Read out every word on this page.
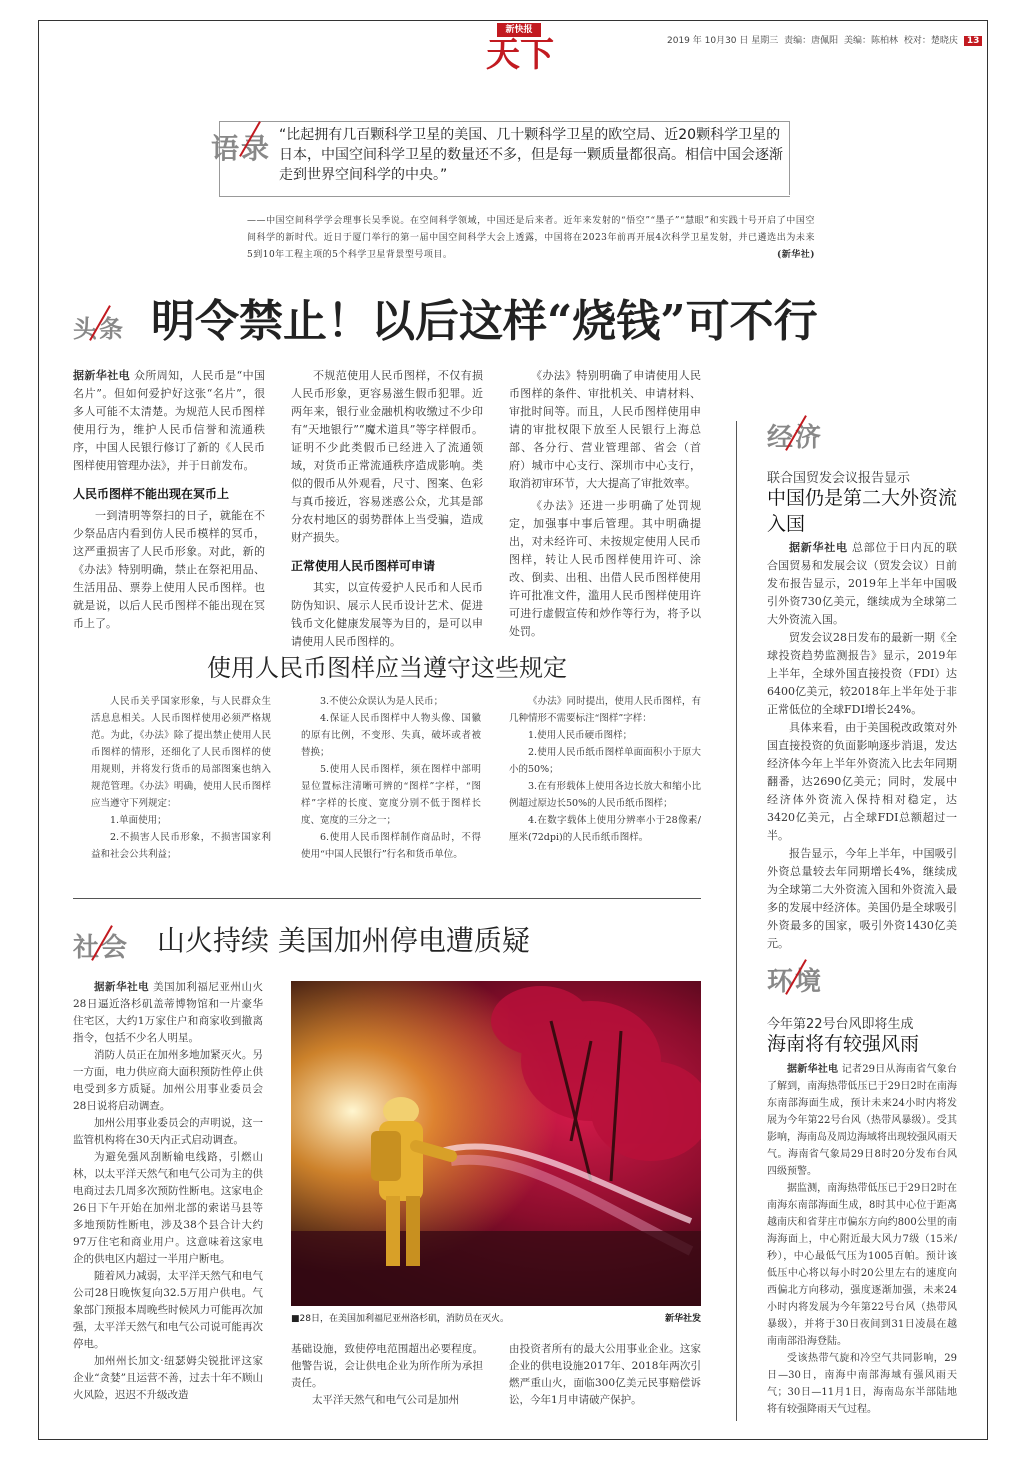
新快报
天下	2019 年 10月30 日 星期三 责编：唐佩阳 美编：陈柏林 校对：楚晓庆 13
语录 “比起拥有几百颗科学卫星的美国、几十颗科学卫星的欧空局、近20颗科学卫星的日本，中国空间科学卫星的数量还不多，但是每一颗质量都很高。相信中国会逐渐走到世界空间科学的中央。”
——中国空间科学学会理事长吴季说。在空间科学领域，中国还是后来者。近年来发射的“悟空”“墨子”“慧眼”和实践十号开启了中国空间科学的新时代。近日于厦门举行的第一届中国空间科学大会上透露，中国将在2023年前再开展4次科学卫星发射，并已遴选出为未来5到10年工程主项的5个科学卫星背景型号项目。	(新华社)
头条 明令禁止！以后这样“烧钱”可不行

据新华社电 众所周知，人民币是“中国名片”。但如何爱护好这张“名片”，很多人可能不太清楚。为规范人民币图样使用行为，维护人民币信誉和流通秩序，中国人民银行修订了新的《人民币图样使用管理办法》，并于日前发布。

人民币图样不能出现在冥币上

一到清明等祭扫的日子，就能在不少祭品店内看到仿人民币模样的冥币，这严重损害了人民币形象。对此，新的《办法》特别明确，禁止在祭祀用品、生活用品、票券上使用人民币图样。也就是说，以后人民币图样不能出现在冥币上了。

不规范使用人民币图样，不仅有损人民币形象，更容易滋生假币犯罪。近两年来，银行业金融机构收缴过不少印有“天地银行”“魔术道具”等字样假币。证明不少此类假币已经进入了流通领域，对货币正常流通秩序造成影响。类似的假币从外观看，尺寸、图案、色彩与真币接近，容易迷惑公众，尤其是部分农村地区的弱势群体上当受骗，造成财产损失。

正常使用人民币图样可申请

其实，以宣传爱护人民币和人民币防伪知识、展示人民币设计艺术、促进钱币文化健康发展等为目的，是可以申请使用人民币图样的。

《办法》特别明确了申请使用人民币图样的条件、审批机关、申请材料、审批时间等。而且，人民币图样使用申请的审批权限下放至人民银行上海总部、各分行、营业管理部、省会（首府）城市中心支行、深圳市中心支行，取消初审环节，大大提高了审批效率。

《办法》还进一步明确了处罚规定，加强事中事后管理。其中明确提出，对未经许可、未按规定使用人民币图样，转让人民币图样使用许可、涂改、倒卖、出租、出借人民币图样使用许可批准文件，滥用人民币图样使用许可进行虚假宣传和炒作等行为，将予以处罚。

使用人民币图样应当遵守这些规定

人民币关乎国家形象，与人民群众生活息息相关。人民币图样使用必须严格规范。为此，《办法》除了提出禁止使用人民币图样的情形，还细化了人民币图样的使用规则，并将发行货币的局部图案也纳入规范管理。《办法》明确，使用人民币图样应当遵守下列规定：

1.单面使用；

2.不损害人民币形象，不损害国家利益和社会公共利益；

3.不使公众误认为是人民币；

4.保证人民币图样中人物头像、国徽的原有比例，不变形、失真，破坏或者被替换；

5.使用人民币图样，须在图样中部明显位置标注清晰可辨的“图样”字样，“图样”字样的长度、宽度分别不低于图样长度、宽度的三分之一；

6.使用人民币图样制作商品时，不得使用“中国人民银行”行名和货币单位。

《办法》同时提出，使用人民币图样，有几种情形不需要标注“图样”字样：

1.使用人民币硬币图样；

2.使用人民币纸币图样单面面积小于原大小的50%；

3.在有形载体上使用各边长放大和缩小比例超过原边长50%的人民币纸币图样；

4.在数字载体上使用分辨率小于28像素/厘米(72dpi)的人民币纸币图样。

经济
联合国贸发会议报告显示
中国仍是第二大外资流入国

据新华社电 总部位于日内瓦的联合国贸易和发展会议（贸发会议）日前发布报告显示，2019年上半年中国吸引外资730亿美元，继续成为全球第二大外资流入国。

贸发会议28日发布的最新一期《全球投资趋势监测报告》显示，2019年上半年，全球外国直接投资（FDI）达6400亿美元，较2018年上半年处于非正常低位的全球FDI增长24%。

具体来看，由于美国税改政策对外国直接投资的负面影响逐步消退，发达经济体今年上半年外资流入比去年同期翻番，达2690亿美元；同时，发展中经济体外资流入保持相对稳定，达3420亿美元，占全球FDI总额超过一半。

报告显示，今年上半年，中国吸引外资总量较去年同期增长4%，继续成为全球第二大外资流入国和外资流入最多的发展中经济体。美国仍是全球吸引外资最多的国家，吸引外资1430亿美元。

环境
今年第22号台风即将生成
海南将有较强风雨

据新华社电 记者29日从海南省气象台了解到，南海热带低压已于29日2时在南海东南部海面生成，预计未来24小时内将发展为今年第22号台风（热带风暴级）。受其影响，海南岛及周边海域将出现较强风雨天气。海南省气象局29日8时20分发布台风四级预警。

据监测，南海热带低压已于29日2时在南海东南部海面生成，8时其中心位于距离越南庆和省芽庄市偏东方向约800公里的南海海面上，中心附近最大风力7级（15米/秒），中心最低气压为1005百帕。预计该低压中心将以每小时20公里左右的速度向西偏北方向移动，强度逐渐加强，未来24小时内将发展为今年第22号台风（热带风暴级），并将于30日夜间到31日凌晨在越南南部沿海登陆。

受该热带气旋和冷空气共同影响，29日—30日，南海中南部海域有强风雨天气；30日—11月1日，海南岛东半部陆地将有较强降雨天气过程。

社会 山火持续 美国加州停电遭质疑

据新华社电 美国加利福尼亚州山火28日逼近洛杉矶盖蒂博物馆和一片豪华住宅区，大约1万家住户和商家收到撤离指令，包括不少名人明星。

消防人员正在加州多地加紧灭火。另一方面，电力供应商大面积预防性停止供电受到多方质疑。加州公用事业委员会28日说将启动调查。

加州公用事业委员会的声明说，这一监管机构将在30天内正式启动调查。

为避免强风刮断输电线路，引燃山林，以太平洋天然气和电气公司为主的供电商过去几周多次预防性断电。这家电企26日下午开始在加州北部的索诺马县等多地预防性断电，涉及38个县合计大约97万住宅和商业用户。这意味着这家电企的供电区内超过一半用户断电。

随着风力减弱，太平洋天然气和电气公司28日晚恢复向32.5万用户供电。气象部门预报本周晚些时候风力可能再次加强，太平洋天然气和电气公司说可能再次停电。

加州州长加文·纽瑟姆尖锐批评这家企业“贪婪”且运营不善，过去十年不顾山火风险，迟迟不升级改造

■28日，在美国加利福尼亚州洛杉矶，消防员在灭火。	新华社发

基础设施，致使停电范围超出必要程度。他警告说，会让供电企业为所作所为承担责任。

太平洋天然气和电气公司是加州

由投资者所有的最大公用事业企业。这家企业的供电设施2017年、2018年两次引燃严重山火，面临300亿美元民事赔偿诉讼，今年1月申请破产保护。
